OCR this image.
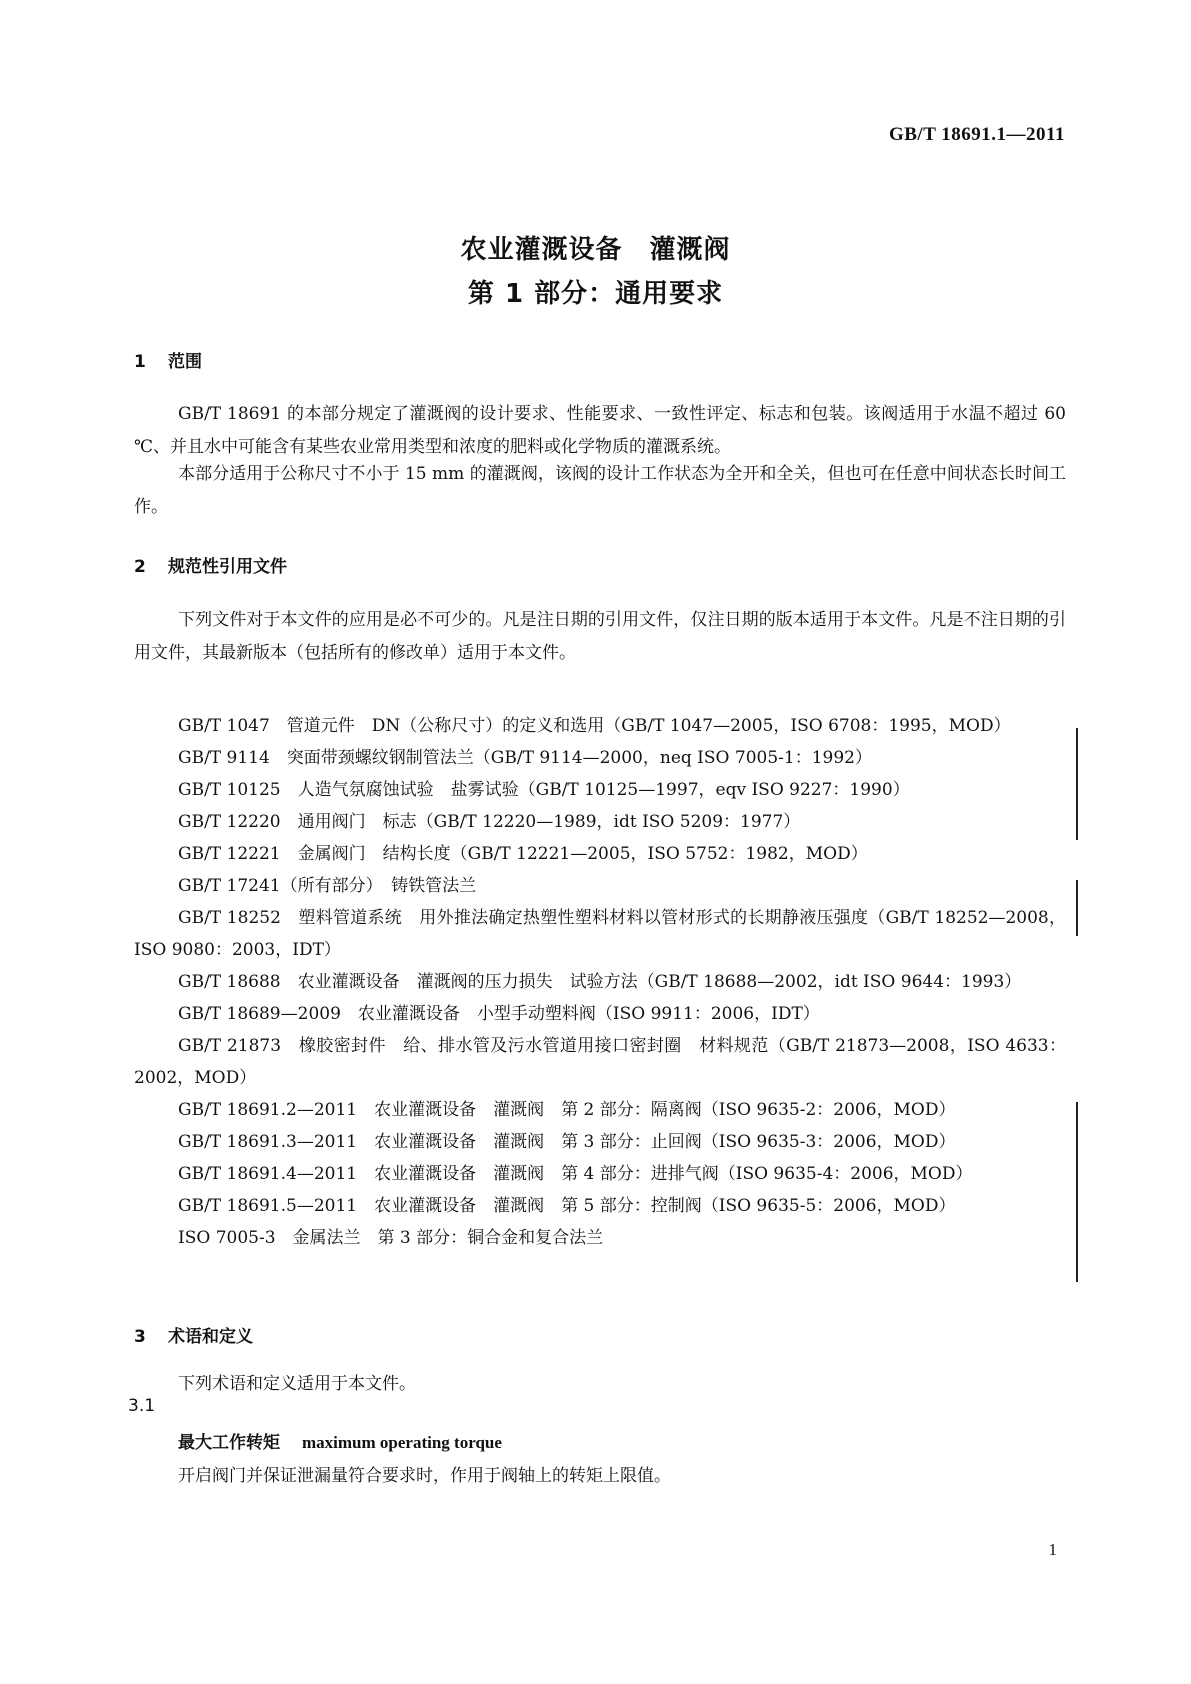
GB/T 18691.1—2011
农业灌溉设备　灌溉阀
第 1 部分：通用要求
1 范围
GB/T 18691 的本部分规定了灌溉阀的设计要求、性能要求、一致性评定、标志和包装。该阀适用于水温不超过 60 ℃、并且水中可能含有某些农业常用类型和浓度的肥料或化学物质的灌溉系统。
本部分适用于公称尺寸不小于 15 mm 的灌溉阀，该阀的设计工作状态为全开和全关，但也可在任意中间状态长时间工作。
2 规范性引用文件
下列文件对于本文件的应用是必不可少的。凡是注日期的引用文件，仅注日期的版本适用于本文件。凡是不注日期的引用文件，其最新版本（包括所有的修改单）适用于本文件。
GB/T 1047　管道元件　DN（公称尺寸）的定义和选用（GB/T 1047—2005，ISO 6708：1995，MOD）
GB/T 9114　突面带颈螺纹钢制管法兰（GB/T 9114—2000，neq ISO 7005-1：1992）
GB/T 10125　人造气氛腐蚀试验　盐雾试验（GB/T 10125—1997，eqv ISO 9227：1990）
GB/T 12220　通用阀门　标志（GB/T 12220—1989，idt ISO 5209：1977）
GB/T 12221　金属阀门　结构长度（GB/T 12221—2005，ISO 5752：1982，MOD）
GB/T 17241（所有部分）　铸铁管法兰
GB/T 18252　塑料管道系统　用外推法确定热塑性塑料材料以管材形式的长期静液压强度（GB/T 18252—2008，ISO 9080：2003，IDT）
GB/T 18688　农业灌溉设备　灌溉阀的压力损失　试验方法（GB/T 18688—2002，idt ISO 9644：1993）
GB/T 18689—2009　农业灌溉设备　小型手动塑料阀（ISO 9911：2006，IDT）
GB/T 21873　橡胶密封件　给、排水管及污水管道用接口密封圈　材料规范（GB/T 21873—2008，ISO 4633：2002，MOD）
GB/T 18691.2—2011　农业灌溉设备　灌溉阀　第 2 部分：隔离阀（ISO 9635-2：2006，MOD）
GB/T 18691.3—2011　农业灌溉设备　灌溉阀　第 3 部分：止回阀（ISO 9635-3：2006，MOD）
GB/T 18691.4—2011　农业灌溉设备　灌溉阀　第 4 部分：进排气阀（ISO 9635-4：2006，MOD）
GB/T 18691.5—2011　农业灌溉设备　灌溉阀　第 5 部分：控制阀（ISO 9635-5：2006，MOD）
ISO 7005-3　金属法兰　第 3 部分：铜合金和复合法兰
3 术语和定义
下列术语和定义适用于本文件。
3.1
最大工作转矩 maximum operating torque
开启阀门并保证泄漏量符合要求时，作用于阀轴上的转矩上限值。
1
